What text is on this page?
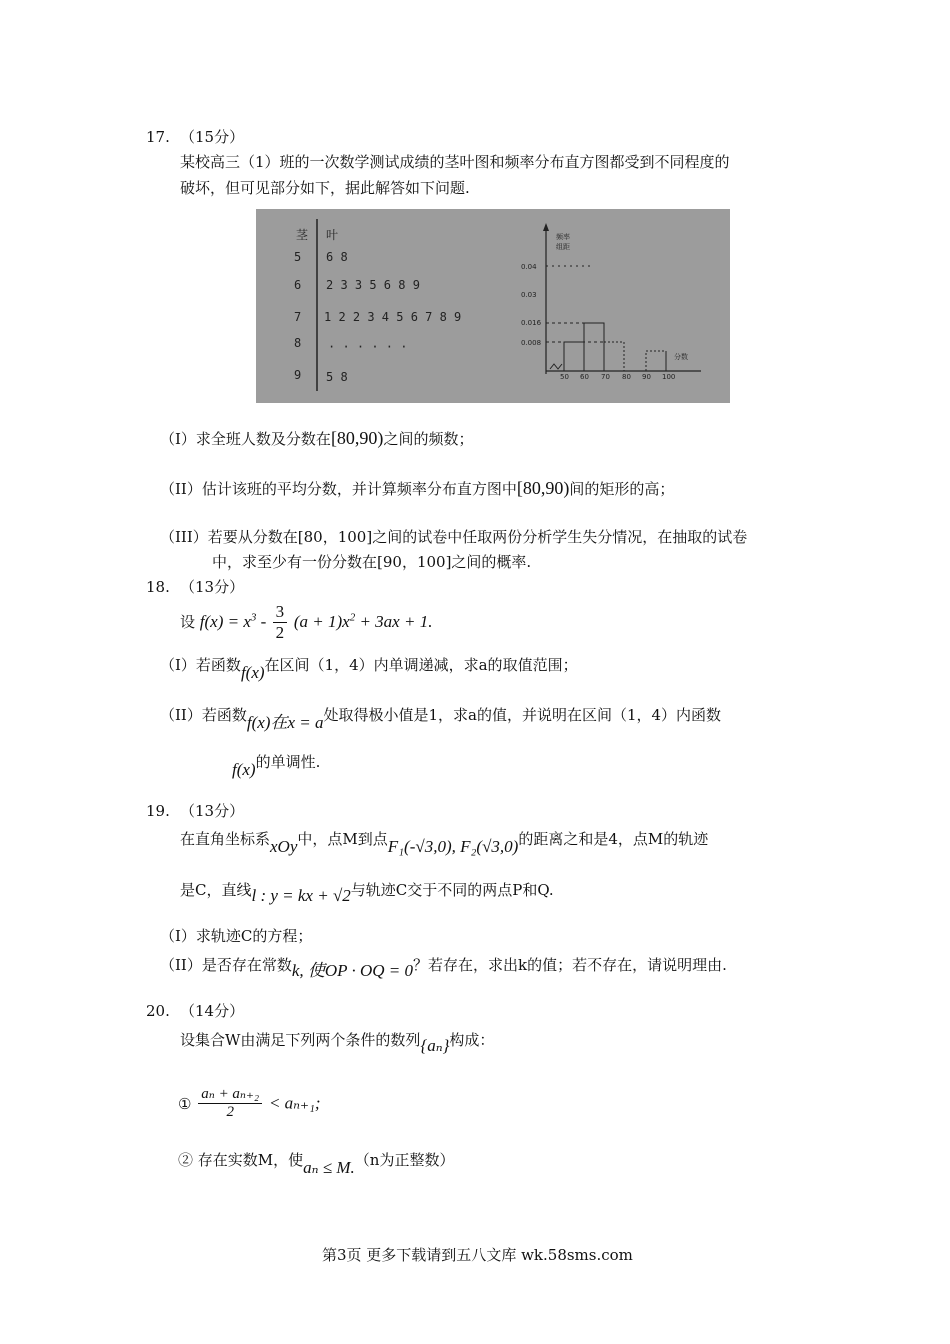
17. （15分）
某校高三（1）班的一次数学测试成绩的茎叶图和频率分布直方图都受到不同程度的
破坏，但可见部分如下，据此解答如下问题.
茎 叶
5 6 8
6 2 3 3 5 6 8 9
7 1 2 2 3 4 5 6 7 8 9
8 · · · · · ·
9 5 8
频率
组距
0.04
0.03
0.016
0.008
50 60 70 80 90 100
分数
（I）求全班人数及分数在[80,90)之间的频数；
（II）估计该班的平均分数，并计算频率分布直方图中[80,90)间的矩形的高；
（III）若要从分数在[80，100]之间的试卷中任取两份分析学生失分情况，在抽取的试卷
中，求至少有一份分数在[90，100]之间的概率.
18. （13分）
设 $f(x) = x^3 - \frac{3}{2} (a + 1)x^2 + 3ax + 1$.
（I）若函数f(x)在区间（1，4）内单调递减，求a的取值范围；
（II）若函数f(x)在x = a处取得极小值是1，求a的值，并说明在区间（1，4）内函数
f(x)的单调性.
19. （13分）
在直角坐标系xOy中，点M到点F₁(-√3,0), F₂(√3,0)的距离之和是4，点M的轨迹
是C，直线l : y = kx + √2与轨迹C交于不同的两点P和Q.
（I）求轨迹C的方程；
（II）是否存在常数k, 使OP · OQ = 0？若存在，求出k的值；若不存在，请说明理由.
20. （14分）
设集合W由满足下列两个条件的数列{aₙ}构成：
① $\frac{\text{aₙ + aₙ₊₂}}{2} < a_{n+1}$;
② 存在实数M，使aₙ ≤ M.（n为正整数）
第3页 更多下载请到五八文库 wk.58sms.com
